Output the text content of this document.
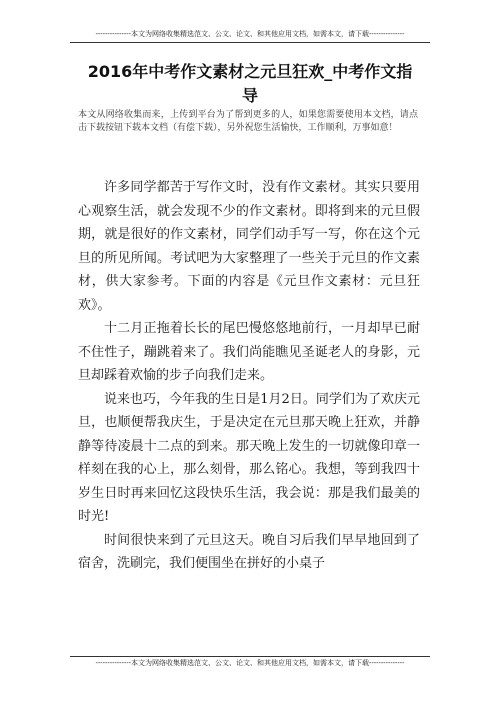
---------------本文为网络收集精选范文、公文、论文、和其他应用文档，如需本文，请下载---------------
2016年中考作文素材之元旦狂欢_中考作文指导
本文从网络收集而来，上传到平台为了帮到更多的人，如果您需要使用本文档，请点击下载按钮下载本文档（有偿下载），另外祝您生活愉快，工作顺利，万事如意！

许多同学都苦于写作文时，没有作文素材。其实只要用心观察生活，就会发现不少的作文素材。即将到来的元旦假期，就是很好的作文素材，同学们动手写一写，你在这个元旦的所见所闻。考试吧为大家整理了一些关于元旦的作文素材，供大家参考。下面的内容是《元旦作文素材：元旦狂欢》。

十二月正拖着长长的尾巴慢悠悠地前行，一月却早已耐不住性子，蹦跳着来了。我们尚能瞧见圣诞老人的身影，元旦却踩着欢愉的步子向我们走来。

说来也巧，今年我的生日是1月2日。同学们为了欢庆元旦，也顺便帮我庆生，于是决定在元旦那天晚上狂欢，并静静等待凌晨十二点的到来。那天晚上发生的一切就像印章一样刻在我的心上，那么刻骨，那么铭心。我想，等到我四十岁生日时再来回忆这段快乐生活，我会说：那是我们最美的时光!

时间很快来到了元旦这天。晚自习后我们早早地回到了宿舍，洗刷完，我们便围坐在拼好的小桌子

---------------本文为网络收集精选范文、公文、论文、和其他应用文档，如需本文，请下载---------------
